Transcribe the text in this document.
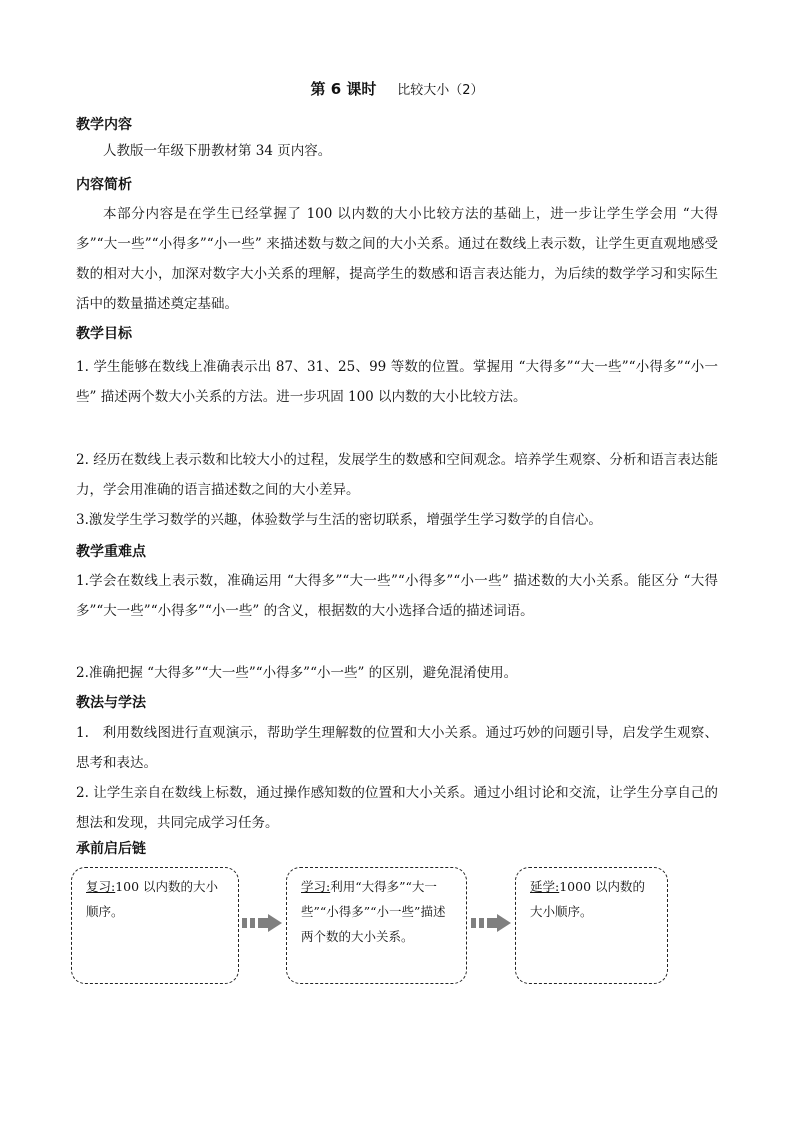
第 6 课时 比较大小（2）
教学内容

人教版一年级下册教材第 34 页内容。

内容简析

本部分内容是在学生已经掌握了 100 以内数的大小比较方法的基础上，进一步让学生学会用 “大得多”“大一些”“小得多”“小一些” 来描述数与数之间的大小关系。通过在数线上表示数，让学生更直观地感受数的相对大小，加深对数字大小关系的理解，提高学生的数感和语言表达能力，为后续的数学学习和实际生活中的数量描述奠定基础。

教学目标

1. 学生能够在数线上准确表示出 87、31、25、99 等数的位置。掌握用 “大得多”“大一些”“小得多”“小一些” 描述两个数大小关系的方法。进一步巩固 100 以内数的大小比较方法。

2. 经历在数线上表示数和比较大小的过程，发展学生的数感和空间观念。培养学生观察、分析和语言表达能力，学会用准确的语言描述数之间的大小差异。

3.激发学生学习数学的兴趣，体验数学与生活的密切联系，增强学生学习数学的自信心。

教学重难点

1.学会在数线上表示数，准确运用 “大得多”“大一些”“小得多”“小一些” 描述数的大小关系。能区分 “大得多”“大一些”“小得多”“小一些” 的含义，根据数的大小选择合适的描述词语。

2.准确把握 “大得多”“大一些”“小得多”“小一些” 的区别，避免混淆使用。

教法与学法

1.　利用数线图进行直观演示，帮助学生理解数的位置和大小关系。通过巧妙的问题引导，启发学生观察、思考和表达。

2. 让学生亲自在数线上标数，通过操作感知数的位置和大小关系。通过小组讨论和交流，让学生分享自己的想法和发现，共同完成学习任务。

承前启后链
复习:100 以内数的大小顺序。
学习:利用“大得多”“大一些”“小得多”“小一些”描述两个数的大小关系。
延学:1000 以内数的大小顺序。
